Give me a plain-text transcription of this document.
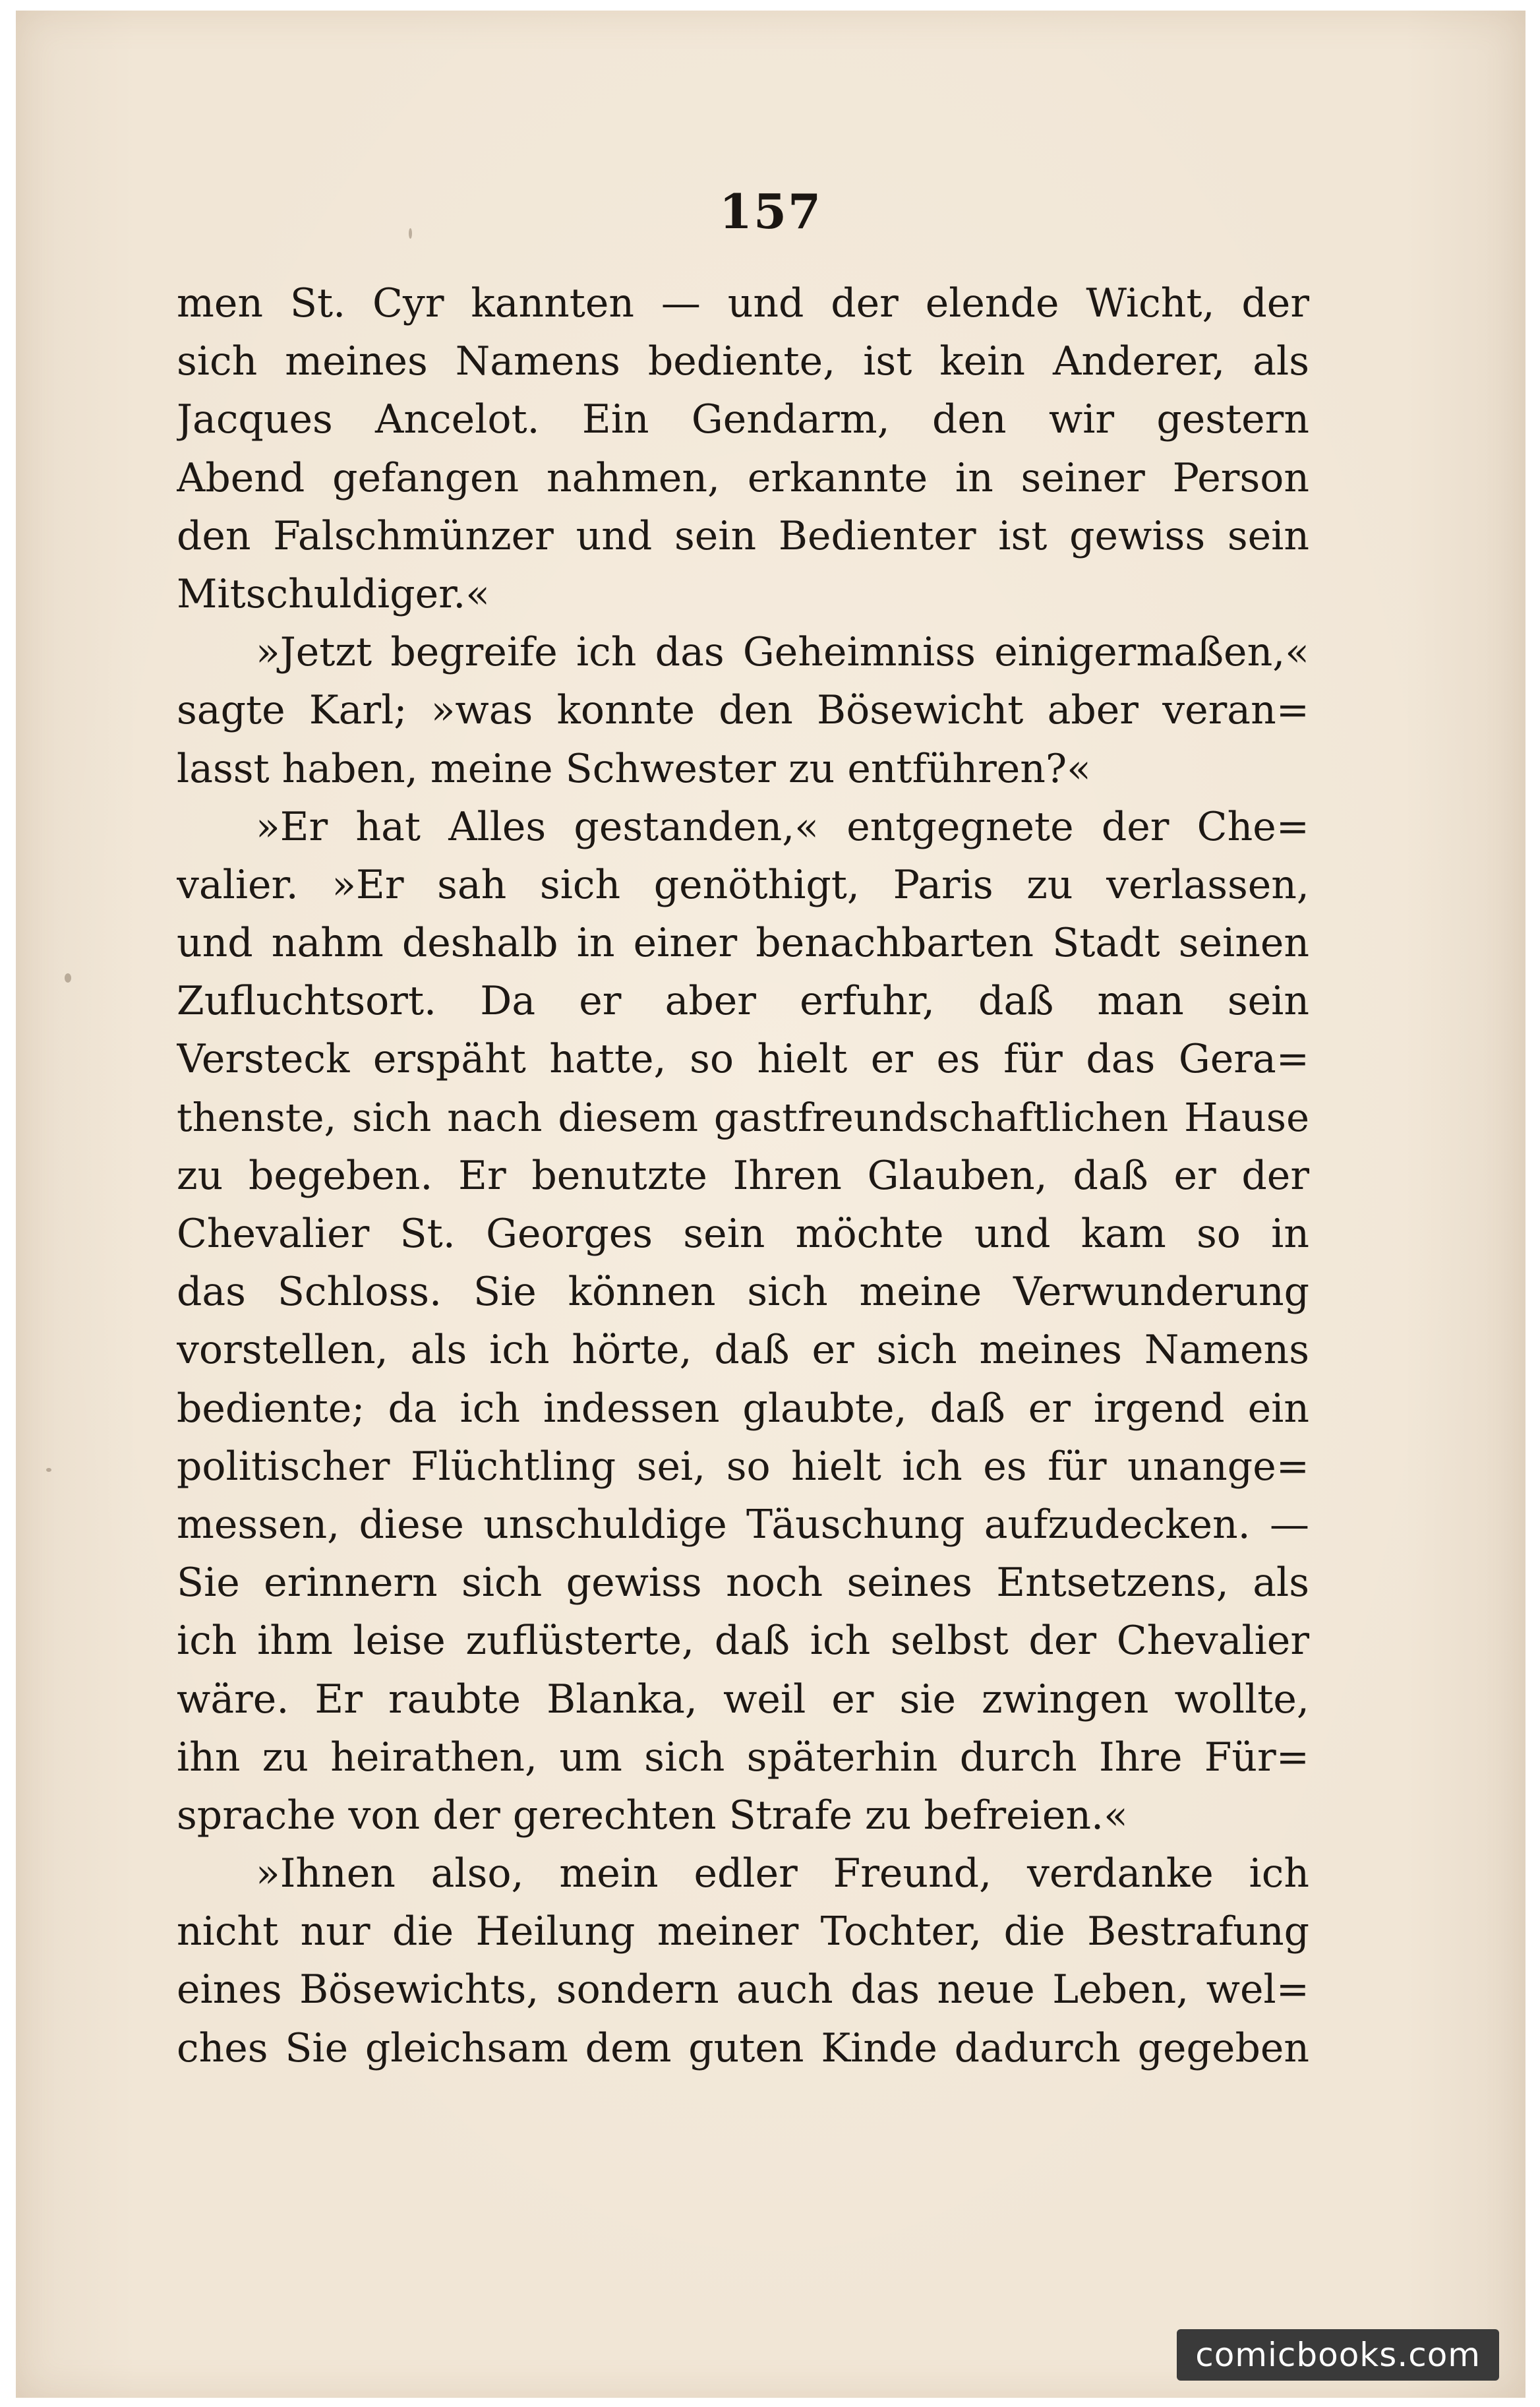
157
men St. Cyr kannten — und der elende Wicht, der
sich meines Namens bediente, ist kein Anderer, als
Jacques Ancelot. Ein Gendarm, den wir gestern
Abend gefangen nahmen, erkannte in seiner Person
den Falschmünzer und sein Bedienter ist gewiss sein
Mitschuldiger.«
»Jetzt begreife ich das Geheimniss einigermaßen,«
sagte Karl; »was konnte den Bösewicht aber veran=
lasst haben, meine Schwester zu entführen?«
»Er hat Alles gestanden,« entgegnete der Che=
valier. »Er sah sich genöthigt, Paris zu verlassen,
und nahm deshalb in einer benachbarten Stadt seinen
Zufluchtsort. Da er aber erfuhr, daß man sein
Versteck erspäht hatte, so hielt er es für das Gera=
thenste, sich nach diesem gastfreundschaftlichen Hause
zu begeben. Er benutzte Ihren Glauben, daß er der
Chevalier St. Georges sein möchte und kam so in
das Schloss. Sie können sich meine Verwunderung
vorstellen, als ich hörte, daß er sich meines Namens
bediente; da ich indessen glaubte, daß er irgend ein
politischer Flüchtling sei, so hielt ich es für unange=
messen, diese unschuldige Täuschung aufzudecken. —
Sie erinnern sich gewiss noch seines Entsetzens, als
ich ihm leise zuflüsterte, daß ich selbst der Chevalier
wäre. Er raubte Blanka, weil er sie zwingen wollte,
ihn zu heirathen, um sich späterhin durch Ihre Für=
sprache von der gerechten Strafe zu befreien.«
»Ihnen also, mein edler Freund, verdanke ich
nicht nur die Heilung meiner Tochter, die Bestrafung
eines Bösewichts, sondern auch das neue Leben, wel=
ches Sie gleichsam dem guten Kinde dadurch gegeben
comicbooks.com
